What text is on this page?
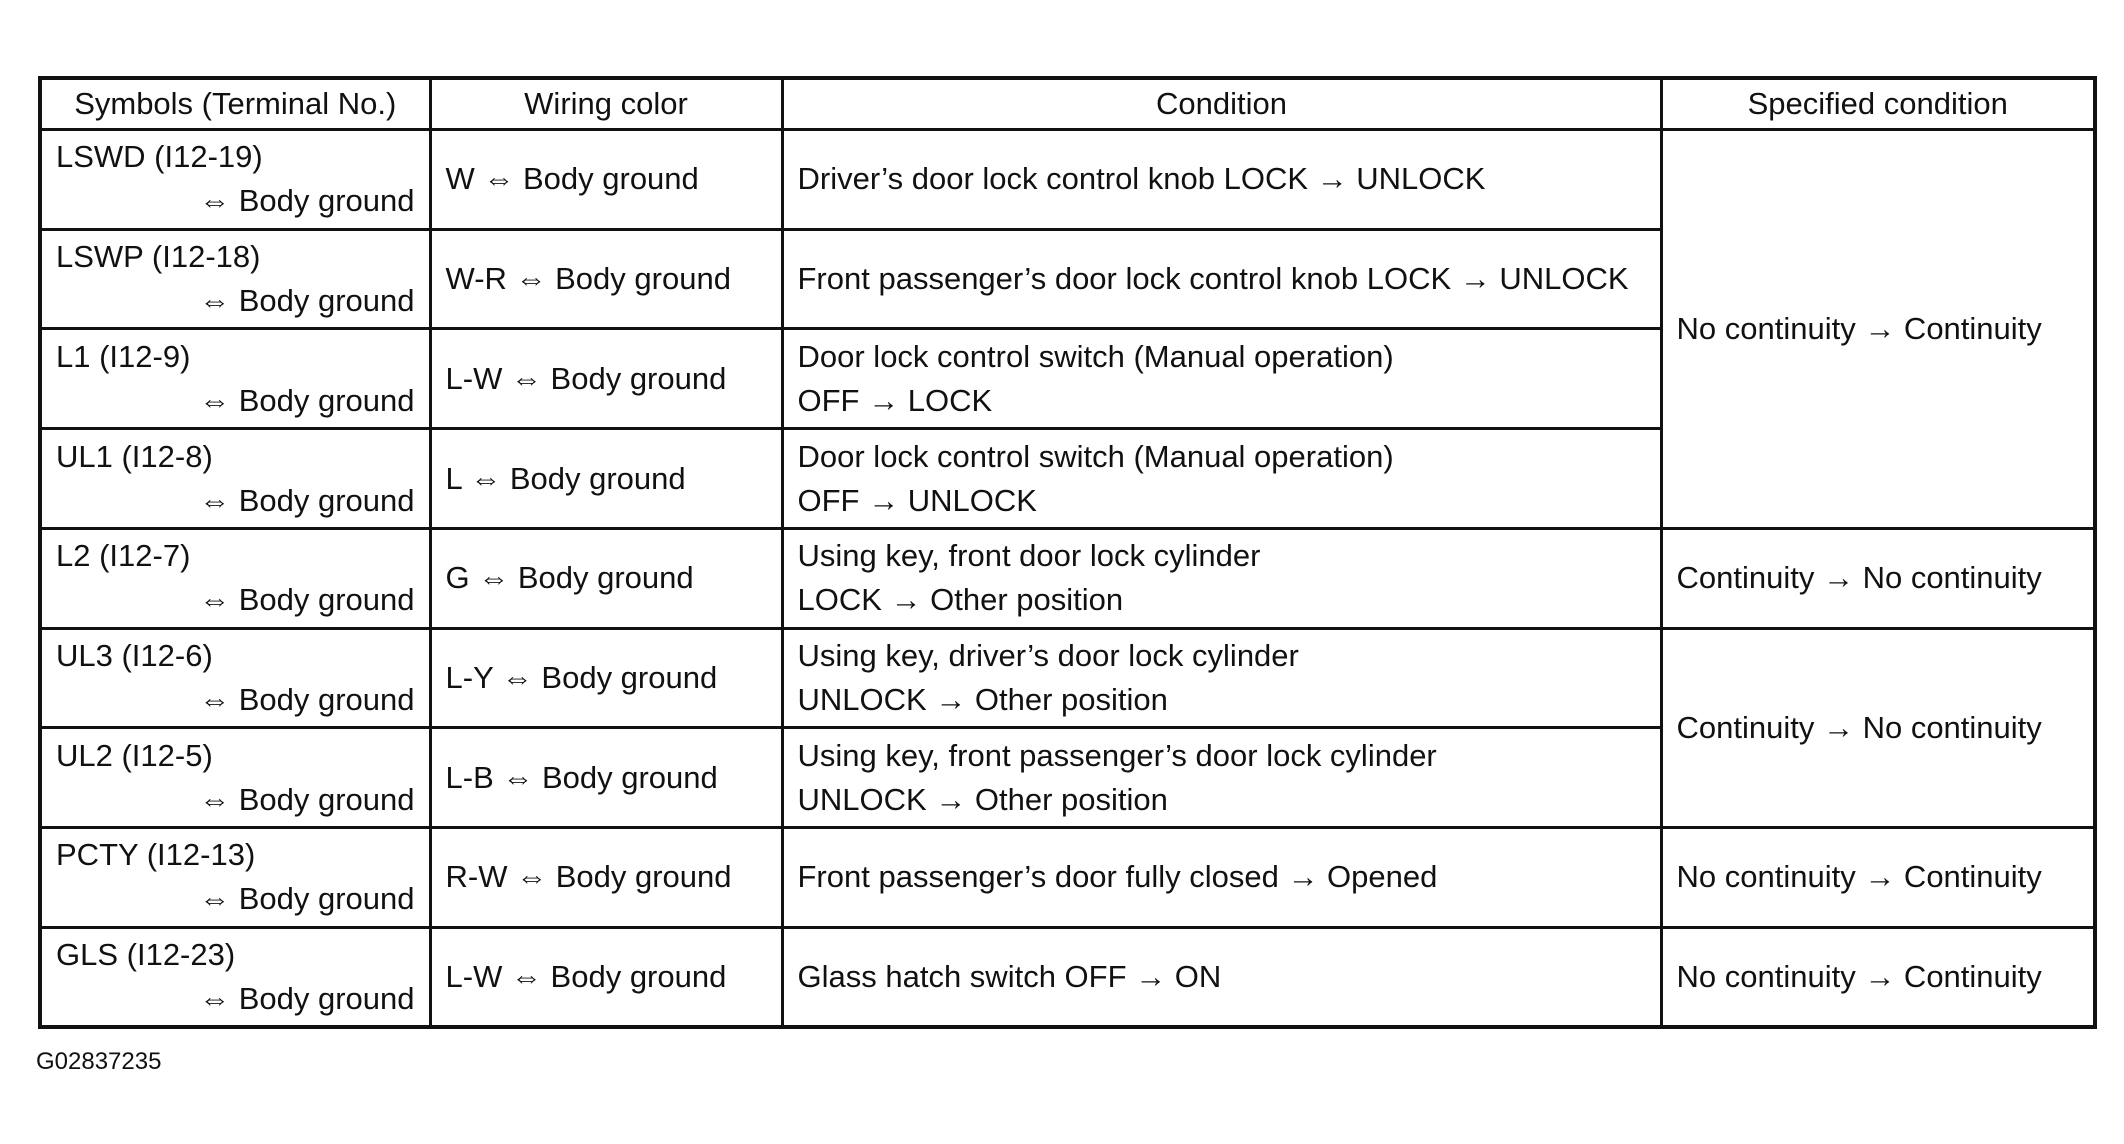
Symbols (Terminal No.)	Wiring color	Condition	Specified condition

LSWD (I12-19)
⇔ Body ground	W ⇔ Body ground	Driver’s door lock control knob LOCK → UNLOCK	No continuity → Continuity

LSWP (I12-18)
⇔ Body ground	W-R ⇔ Body ground	Front passenger’s door lock control knob LOCK → UNLOCK	

L1 (I12-9)
⇔ Body ground	L-W ⇔ Body ground	Door lock control switch (Manual operation)
OFF → LOCK	

UL1 (I12-8)
⇔ Body ground	L ⇔ Body ground	Door lock control switch (Manual operation)
OFF → UNLOCK	

L2 (I12-7)
⇔ Body ground	G ⇔ Body ground	Using key, front door lock cylinder
LOCK → Other position	Continuity → No continuity

UL3 (I12-6)
⇔ Body ground	L-Y ⇔ Body ground	Using key, driver’s door lock cylinder
UNLOCK → Other position	Continuity → No continuity

UL2 (I12-5)
⇔ Body ground	L-B ⇔ Body ground	Using key, front passenger’s door lock cylinder
UNLOCK → Other position	

PCTY (I12-13)
⇔ Body ground	R-W ⇔ Body ground	Front passenger’s door fully closed → Opened	No continuity → Continuity

GLS (I12-23)
⇔ Body ground	L-W ⇔ Body ground	Glass hatch switch OFF → ON	No continuity → Continuity
G02837235
